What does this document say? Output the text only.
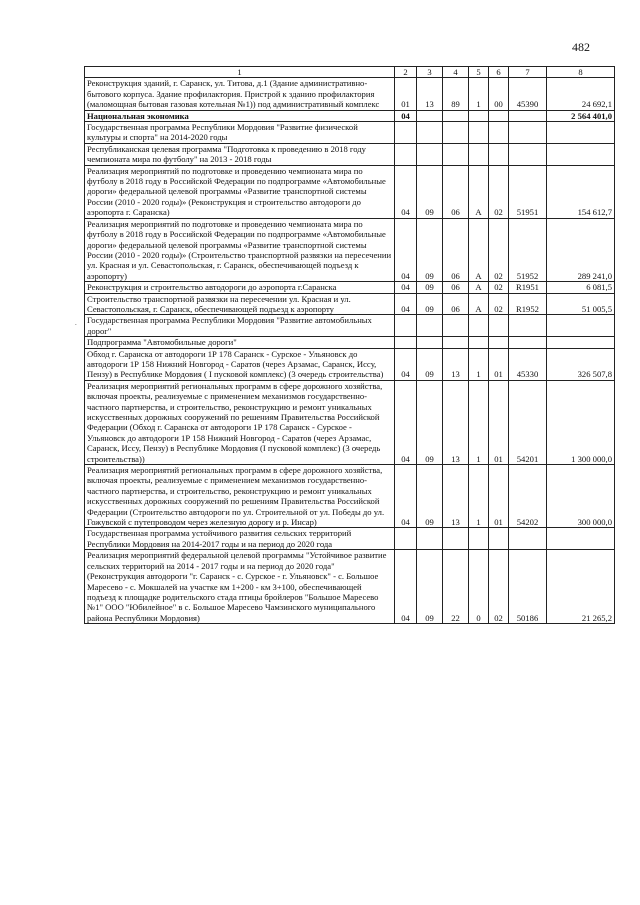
482
.
1	2	3	4	5	6	7	8
Реконструкция зданий, г. Саранск, ул. Титова, д.1 (Здание административно-бытового корпуса. Здание профилактория. Пристрой к зданию профилактория (маломощная бытовая газовая котельная №1)) под административный комплекс	01	13	89	1	00	45390	24 692,1
Национальная экономика	04						2 564 401,0
Государственная программа Республики Мордовия "Развитие физической культуры и спорта" на 2014-2020 годы							
Республиканская целевая программа "Подготовка к проведению в 2018 году чемпионата мира по футболу" на 2013 - 2018 годы							
Реализация мероприятий по подготовке и проведению чемпионата мира по футболу в 2018 году в Российской Федерации по подпрограмме «Автомобильные дороги» федеральной целевой программы «Развитие транспортной системы России (2010 - 2020 годы)» (Реконструкция и строительство автодороги до аэропорта г. Саранска)	04	09	06	А	02	51951	154 612,7
Реализация мероприятий по подготовке и проведению чемпионата мира по футболу в 2018 году в Российской Федерации по подпрограмме «Автомобильные дороги» федеральной целевой программы «Развитие транспортной системы России (2010 - 2020 годы)» (Строительство транспортной развязки на пересечении ул. Красная и ул. Севастопольская, г. Саранск, обеспечивающей подъезд к аэропорту)	04	09	06	А	02	51952	289 241,0
Реконструкция и строительство автодороги до аэропорта г.Саранска	04	09	06	А	02	R1951	6 081,5
Строительство транспортной развязки на пересечении ул. Красная и ул. Севастопольская, г. Саранск, обеспечивающей подъезд к аэропорту	04	09	06	А	02	R1952	51 005,5
Государственная программа Республики Мордовия "Развитие автомобильных дорог"							
Подпрограмма "Автомобильные дороги"							
Обход г. Саранска от автодороги 1Р 178 Саранск - Сурское - Ульяновск до автодороги 1Р 158 Нижний Новгород - Саратов (через Арзамас, Саранск, Исcу, Пензу) в Республике Мордовия ( I пусковой комплекс) (3 очередь строительства)	04	09	13	1	01	45330	326 507,8
Реализация мероприятий региональных программ в сфере дорожного хозяйства, включая проекты, реализуемые с применением механизмов государственно-частного партнерства, и строительство, реконструкцию и ремонт уникальных искусственных дорожных сооружений по решениям Правительства Российской Федерации (Обход г. Саранска от автодороги 1Р 178 Саранск - Сурское - Ульяновск до автодороги 1Р 158 Нижний Новгород - Саратов (через Арзамас, Саранск, Исcу, Пензу) в Республике Мордовия (I пусковой комплекс) (3 очередь строительства))	04	09	13	1	01	54201	1 300 000,0
Реализация мероприятий региональных программ в сфере дорожного хозяйства, включая проекты, реализуемые с применением механизмов государственно-частного партнерства, и строительство, реконструкцию и ремонт уникальных искусственных дорожных сооружений по решениям Правительства Российской Федерации (Строительство автодороги по ул. Строительной от ул. Победы до ул. Гожувской с путепроводом через железную дорогу и р. Инсар)	04	09	13	1	01	54202	300 000,0
Государственная программа устойчивого развития сельских территорий Республики Мордовия на 2014-2017 годы и на период до 2020 года							
Реализация мероприятий федеральной целевой программы "Устойчивое развитие сельских территорий на 2014 - 2017 годы и на период до 2020 года" (Реконструкция автодороги "г. Саранск - с. Сурское - г. Ульяновск" - с. Большое Маресево - с. Мокшалей на участке км 1+200 - км 3+100, обеспечивающей подъезд к площадке родительского стада птицы бройлеров "Большое Маресево №1" ООО "Юбилейное" в с. Большое Маресево Чамзинского муниципального района Республики Мордовия)	04	09	22	0	02	50186	21 265,2
